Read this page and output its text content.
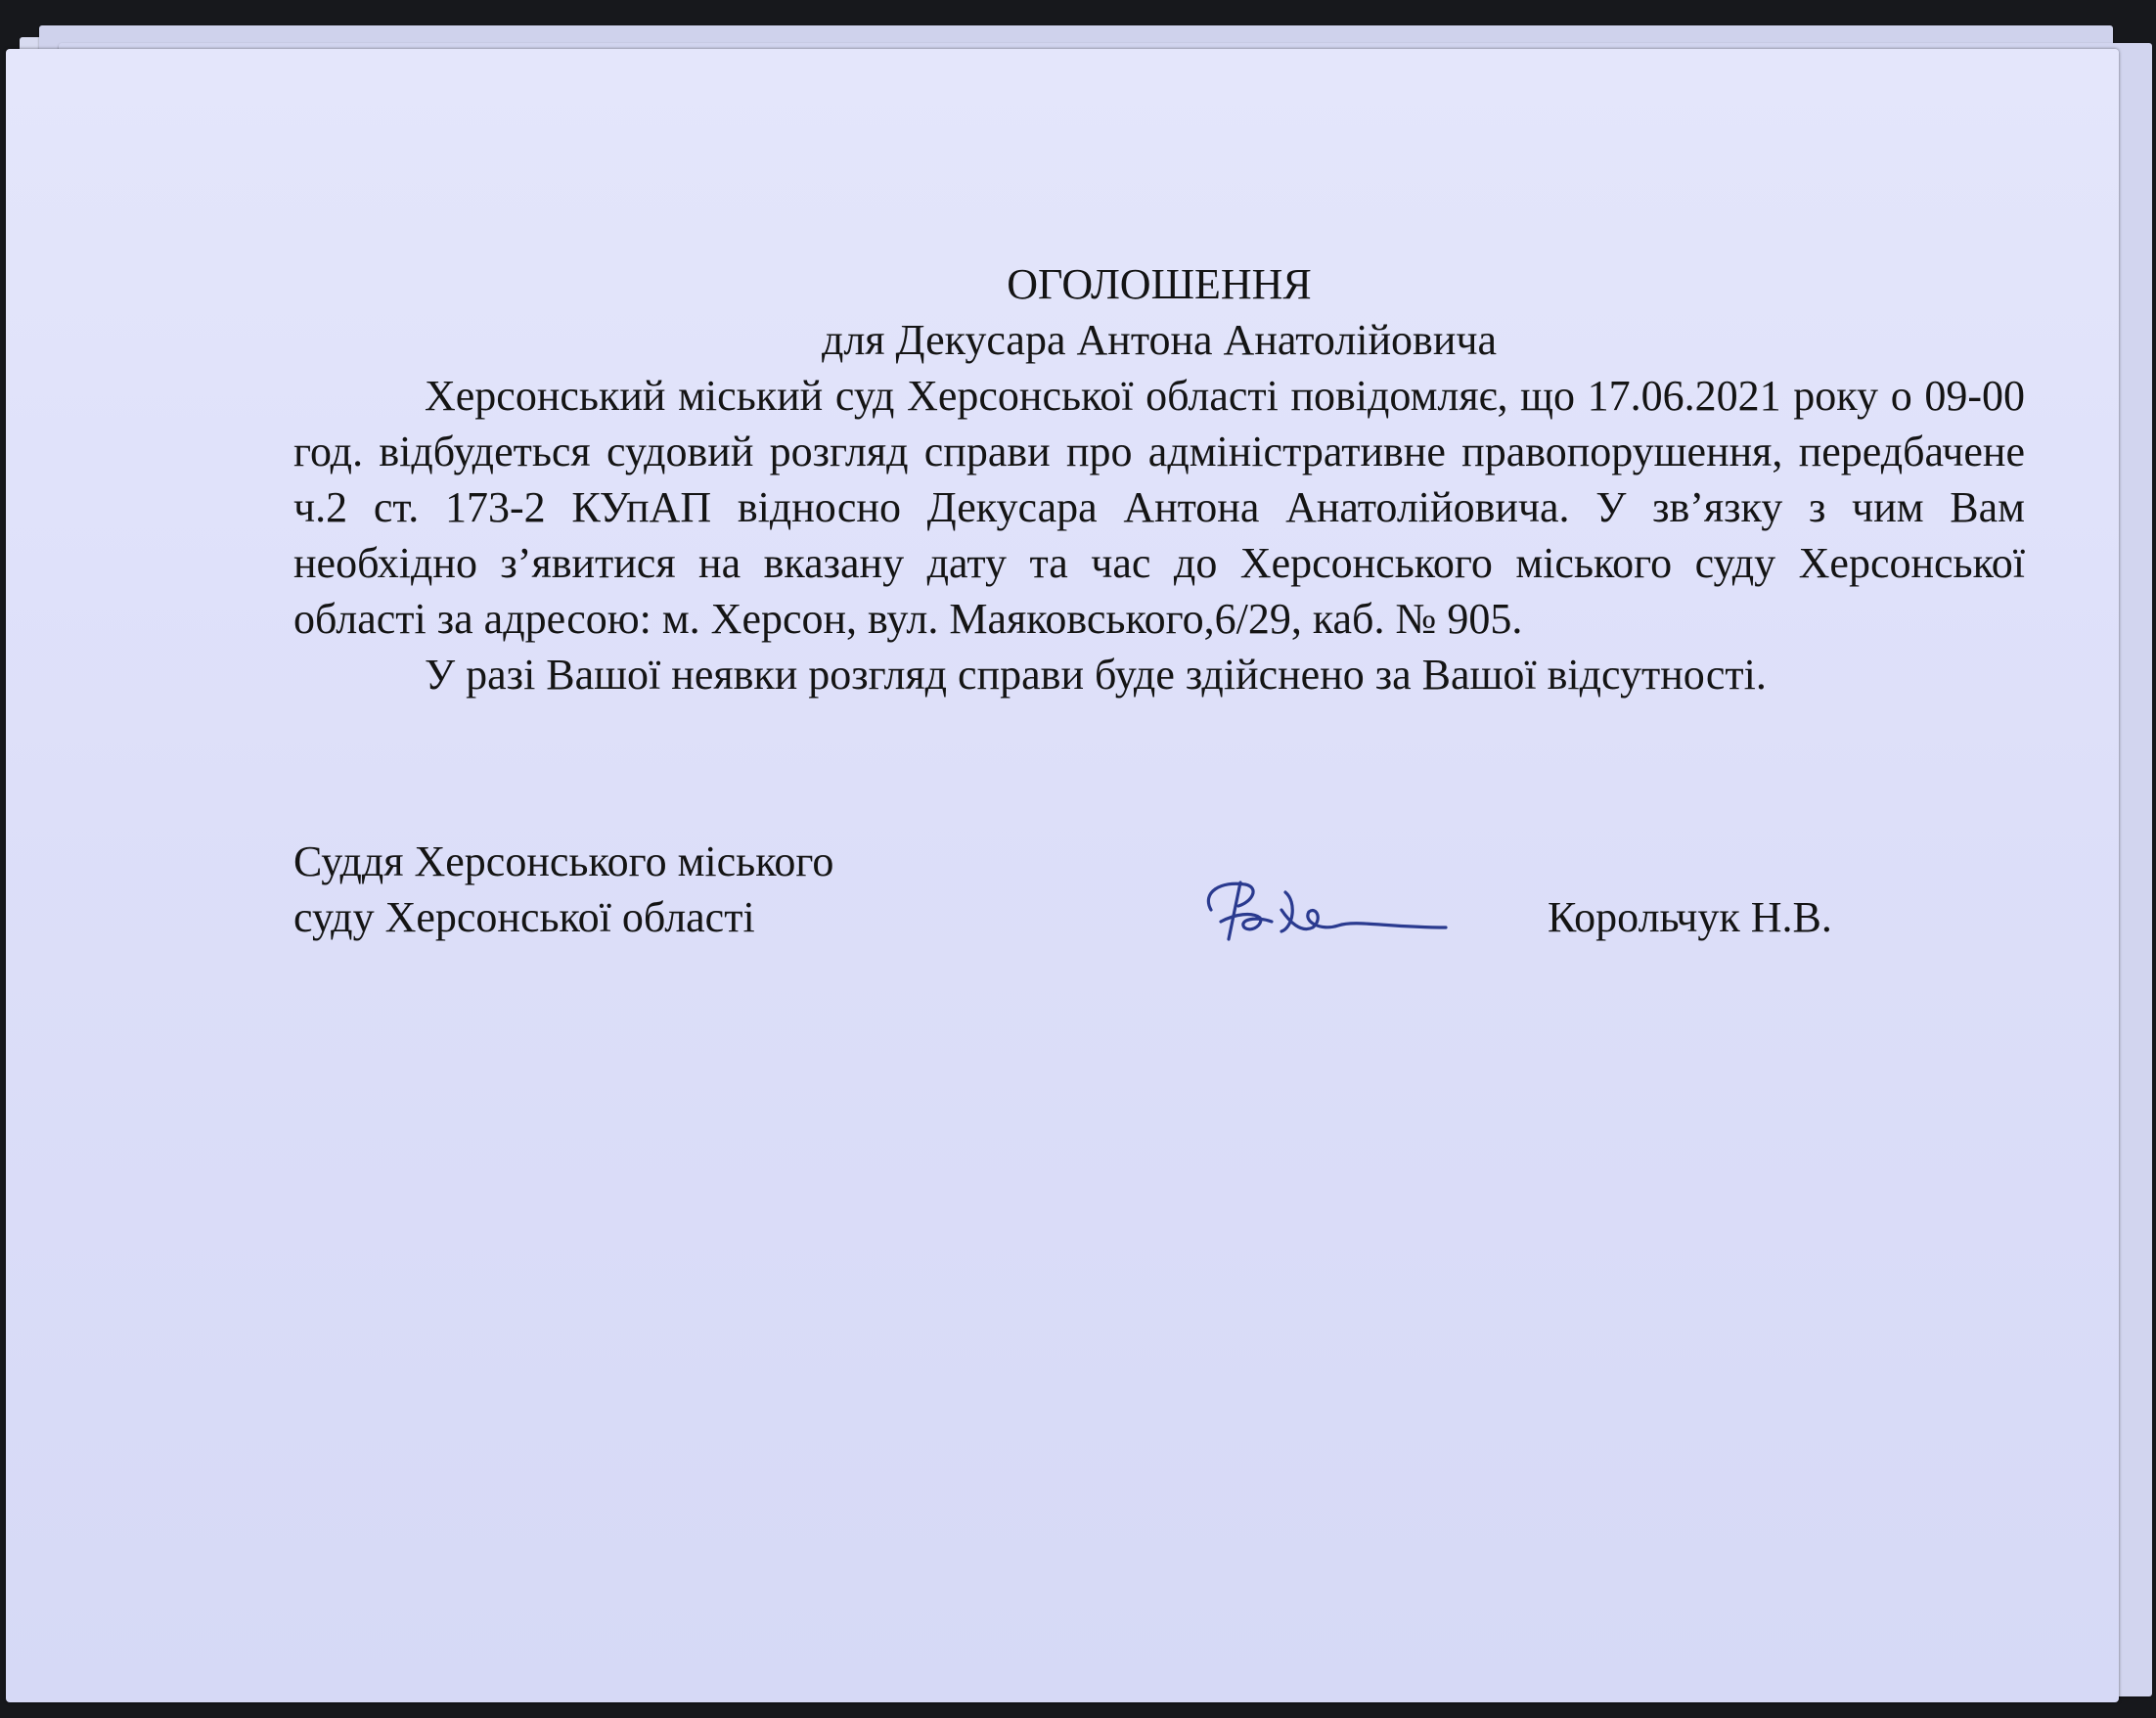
ОГОЛОШЕННЯ

для Декусара Антона Анатолійовича

Херсонський міський суд Херсонської області повідомляє, що 17.06.2021 року о 09-00 год. відбудеться судовий розгляд справи про адміністративне правопорушення, передбачене ч.2 ст. 173-2 КУпАП відносно Декусара Антона Анатолійовича. У зв’язку з чим Вам необхідно з’явитися на вказану дату та час до Херсонського міського суду Херсонської області за адресою: м. Херсон, вул. Маяковського,6/29, каб. № 905.

У разі Вашої неявки розгляд справи буде здійснено за Вашої відсутності.

Суддя Херсонського міського
суду Херсонської області	Корольчук Н.В.
